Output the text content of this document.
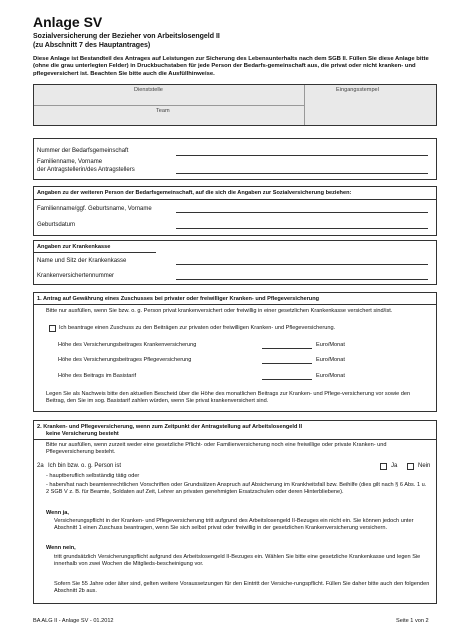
Anlage SV
Sozialversicherung der Bezieher von Arbeitslosengeld II
(zu Abschnitt 7 des Hauptantrages)
Diese Anlage ist Bestandteil des Antrages auf Leistungen zur Sicherung des Lebensunterhalts nach dem SGB II. Füllen Sie diese Anlage bitte (ohne die grau unterlegten Felder) in Druckbuchstaben für jede Person der Bedarfs-gemeinschaft aus, die privat oder nicht kranken- und pflegeversichert ist. Beachten Sie bitte auch die Ausfüllhinweise.
Dienststelle	Eingangsstempel
Team
Nummer der Bedarfsgemeinschaft
Familienname, Vorname
der Antragstellerin/des Antragstellers
Angaben zu der weiteren Person der Bedarfsgemeinschaft, auf die sich die Angaben zur Sozialversicherung beziehen:
Familienname/ggf. Geburtsname, Vorname
Geburtsdatum
Angaben zur Krankenkasse
Name und Sitz der Krankenkasse
Krankenversichertennummer
1. Antrag auf Gewährung eines Zuschusses bei privater oder freiwilliger Kranken- und Pflegeversicherung
Bitte nur ausfüllen, wenn Sie bzw. o. g. Person privat krankenversichert oder freiwillig in einer gesetzlichen Krankenkasse versichert sind/ist.
Ich beantrage einen Zuschuss zu den Beiträgen zur privaten oder freiwilligen Kranken- und Pflegeversicherung.
Höhe des Versicherungsbeitrages Krankenversicherung	Euro/Monat
Höhe des Versicherungsbeitrages Pflegeversicherung	Euro/Monat
Höhe des Beitrags im Basistarif	Euro/Monat
Legen Sie als Nachweis bitte den aktuellen Bescheid über die Höhe des monatlichen Beitrags zur Kranken- und Pflege-versicherung vor sowie den Beitrag, den Sie im sog. Basistarif zahlen würden, wenn Sie privat krankenversichert sind.
2. Kranken- und Pflegeversicherung, wenn zum Zeitpunkt der Antragstellung auf Arbeitslosengeld II
keine Versicherung besteht
Bitte nur ausfüllen, wenn zurzeit weder eine gesetzliche Pflicht- oder Familienversicherung noch eine freiwillige oder private Kranken- und Pflegeversicherung besteht.
2a Ich bin bzw. o. g. Person ist	Ja	Nein
- hauptberuflich selbständig tätig oder
- haben/hat nach beamtenrechtlichen Vorschriften oder Grundsätzen Anspruch auf Absicherung im Krankheitsfall bzw. Beihilfe (dies gilt nach § 6 Abs. 1 u. 2 SGB V z. B. für Beamte, Soldaten auf Zeit, Lehrer an privaten genehmigten Ersatzschulen oder deren Hinterbliebene).
Wenn ja,
Versicherungspflicht in der Kranken- und Pflegeversicherung tritt aufgrund des Arbeitslosengeld II-Bezuges ein nicht ein. Sie können jedoch unter Abschnitt 1 einen Zuschuss beantragen, wenn Sie sich selbst privat oder freiwillig in der gesetzlichen Krankenversicherung versichern.
Wenn nein,
tritt grundsätzlich Versicherungspflicht aufgrund des Arbeitslosengeld II-Bezuges ein. Wählen Sie bitte eine gesetzliche Krankenkasse und legen Sie innerhalb von zwei Wochen die Mitglieds-bescheinigung vor.
Sofern Sie 55 Jahre oder älter sind, gelten weitere Voraussetzungen für den Eintritt der Versiche-rungspflicht. Füllen Sie daher bitte auch den folgenden Abschnitt 2b aus.
BA ALG II - Anlage SV - 01.2012	Seite 1 von 2
